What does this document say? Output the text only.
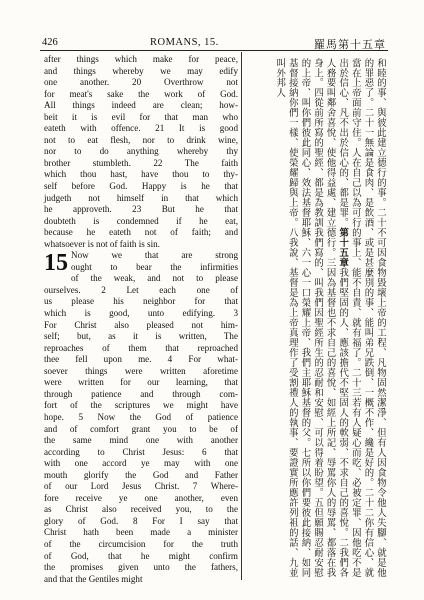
426	ROMANS, 15.	羅馬第十五章
after things which make for peace,
and things whereby we may edify
one another. 20 Overthrow not
for meat's sake the work of God.
All things indeed are clean; how-
beit it is evil for that man who
eateth with offence. 21 It is good
not to eat flesh, nor to drink wine,
nor to do anything whereby thy
brother stumbleth. 22 The faith
which thou hast, have thou to thy-
self before God. Happy is he that
judgeth not himself in that which
he approveth. 23 But he that
doubteth is condemned if he eat,
because he eateth not of faith; and
whatsoever is not of faith is sin.
15 Now we that are strong
ought to bear the infirmities
of the weak, and not to please
ourselves. 2 Let each one of
us please his neighbor for that
which is good, unto edifying. 3
For Christ also pleased not him-
self; but, as it is written, The
reproaches of them that reproached
thee fell upon me. 4 For what-
soever things were written aforetime
were written for our learning, that
through patience and through com-
fort of the scriptures we might have
hope. 5 Now the God of patience
and of comfort grant you to be of
the same mind one with another
according to Christ Jesus: 6 that
with one accord ye may with one
mouth glorify the God and Father
of our Lord Jesus Christ. 7 Where-
fore receive ye one another, even
as Christ also received you, to the
glory of God. 8 For I say that
Christ hath been made a minister
of the circumcision for the truth
of God, that he might confirm
the promises given unto the fathers,
and that the Gentiles might
和睦的事、與彼此建立德行的事。二十不可因食物毀壞上帝的工程、凡物固然潔淨、但有人因食物令他人失腳、就是他的罪惡了。二十一無論是食肉、是飲酒、或是甚麼別的事、能叫弟兄跌倒、一概不作、纔是好的。二十二你有信心、就當在上帝面前守住。人在自己以為可行的事上、能不自責、就有福了。二十三若有人疑心而吃、必被定罪、因他吃不是出於信心、凡不出於信心的、都是罪。第十五章我們堅固的人、應該擔代不堅固人的軟弱、不求自己的喜悅。二我們各人務要叫鄰舍喜悅、使他得益處、建立德行。三因為基督也不求自己的喜悅、如經上所記、辱罵你人的辱罵、都落在我身上。四從前所寫的聖經、都是為教訓我們寫的、叫我們因聖經所生的忍耐和安慰、可以得着盼望。五但願賜忍耐安慰的上帝、叫你們彼此同心、效法基督耶穌、六一心一口榮耀上帝、我們主耶穌基督的父。七所以你們要彼此接納、如同基督接納你們一樣、使榮耀歸與上帝。八我說、基督是為上帝真理作了受割禮人的執事、要證實所應許列祖的話、九並叫外邦人
